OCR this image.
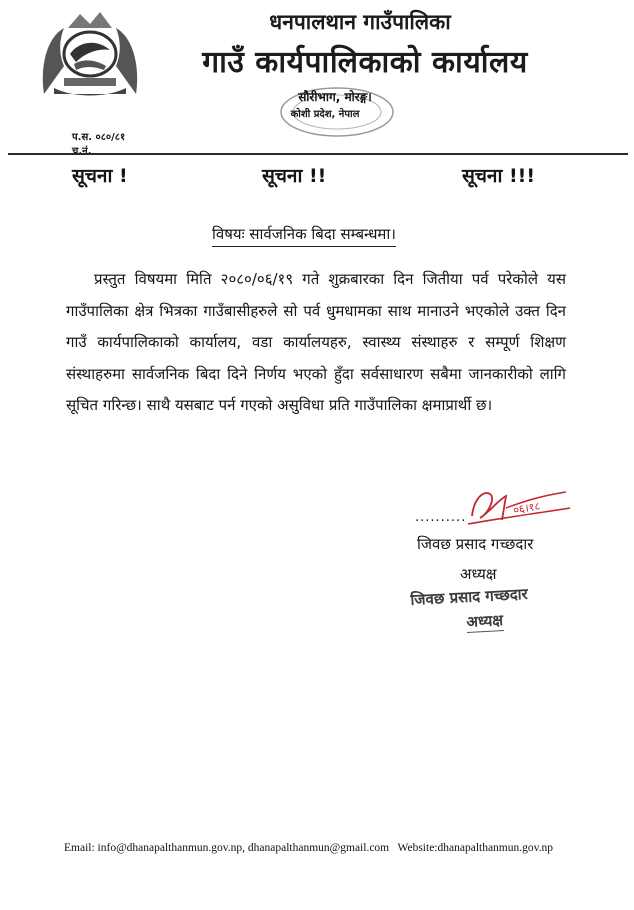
धनपालथान गाउँपालिका
गाउँ कार्यपालिकाको कार्यालय
सौरीभाग, मोरङ्ग।
कोशी प्रदेश, नेपाल
प.स. ०८०/८१
च.नं.
सूचना !	सूचना !!	सूचना !!!
विषयः सार्वजनिक बिदा सम्बन्धमा।

प्रस्तुत विषयमा मिति २०८०/०६/१९ गते शुक्रबारका दिन जितीया पर्व परेकोले यस गाउँपालिका क्षेत्र भित्रका गाउँबासीहरुले सो पर्व धुमधामका साथ मानाउने भएकोले उक्त दिन गाउँ कार्यपालिकाको कार्यालय, वडा कार्यालयहरु, स्वास्थ्य संस्थाहरु र सम्पूर्ण शिक्षण संस्थाहरुमा सार्वजनिक बिदा दिने निर्णय भएको हुँदा सर्वसाधारण सबैमा जानकारीको लागि सूचित गरिन्छ। साथै यसबाट पर्न गएको असुविधा प्रति गाउँपालिका क्षमाप्रार्थी छ।

०६।१८
..........
जिवछ प्रसाद गच्छदार
अध्यक्ष
जिवछ प्रसाद गच्छदार
अध्यक्ष
Email: info@dhanapalthanmun.gov.np, dhanapalthanmun@gmail.com Website:dhanapalthanmun.gov.np
